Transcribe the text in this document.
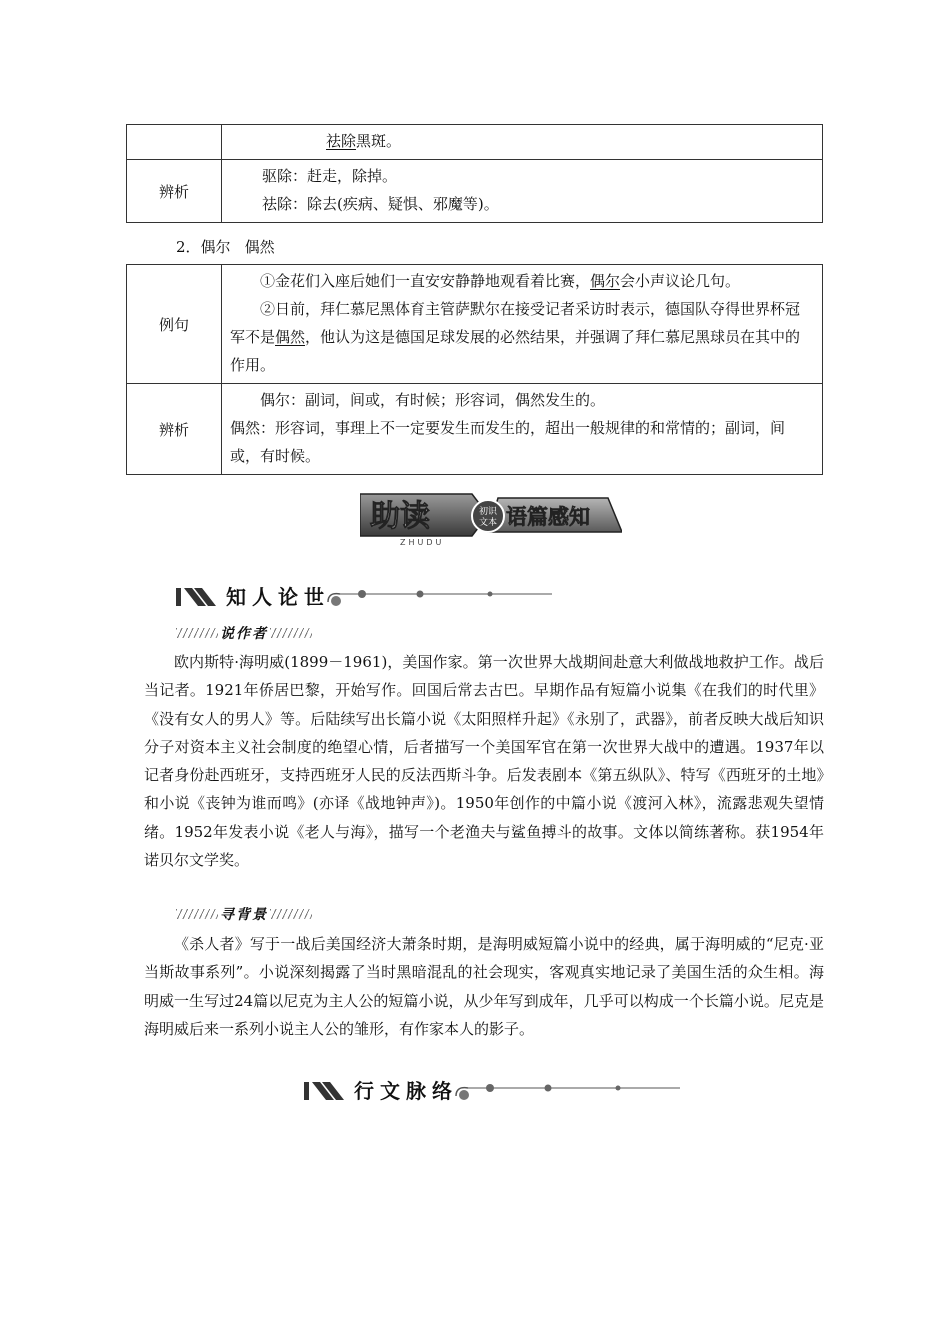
	祛除黑斑。
辨析	驱除：赶走，除掉。
祛除：除去(疾病、疑惧、邪魔等)。
2．偶尔 偶然
例句	①金花们入座后她们一直安安静静地观看着比赛，偶尔会小声议论几句。
②日前，拜仁慕尼黑体育主管萨默尔在接受记者采访时表示，德国队夺得世界杯冠军不是偶然，他认为这是德国足球发展的必然结果，并强调了拜仁慕尼黑球员在其中的作用。

辨析	偶尔：副词，间或，有时候；形容词，偶然发生的。
偶然：形容词，事理上不一定要发生而发生的，超出一般规律的和常情的；副词，间或，有时候。
助读	初识
文本 语篇感知
ZHUDU
知人论世
说作者

欧内斯特·海明威(1899－1961)，美国作家。第一次世界大战期间赴意大利做战地救护工作。战后当记者。1921年侨居巴黎，开始写作。回国后常去古巴。早期作品有短篇小说集《在我们的时代里》《没有女人的男人》等。后陆续写出长篇小说《太阳照样升起》《永别了，武器》，前者反映大战后知识分子对资本主义社会制度的绝望心情，后者描写一个美国军官在第一次世界大战中的遭遇。1937年以记者身份赴西班牙，支持西班牙人民的反法西斯斗争。后发表剧本《第五纵队》、特写《西班牙的土地》和小说《丧钟为谁而鸣》(亦译《战地钟声》)。1950年创作的中篇小说《渡河入林》，流露悲观失望情绪。1952年发表小说《老人与海》，描写一个老渔夫与鲨鱼搏斗的故事。文体以简练著称。获1954年诺贝尔文学奖。

寻背景

《杀人者》写于一战后美国经济大萧条时期，是海明威短篇小说中的经典，属于海明威的“尼克·亚当斯故事系列”。小说深刻揭露了当时黑暗混乱的社会现实，客观真实地记录了美国生活的众生相。海明威一生写过24篇以尼克为主人公的短篇小说，从少年写到成年，几乎可以构成一个长篇小说。尼克是海明威后来一系列小说主人公的雏形，有作家本人的影子。

行文脉络
